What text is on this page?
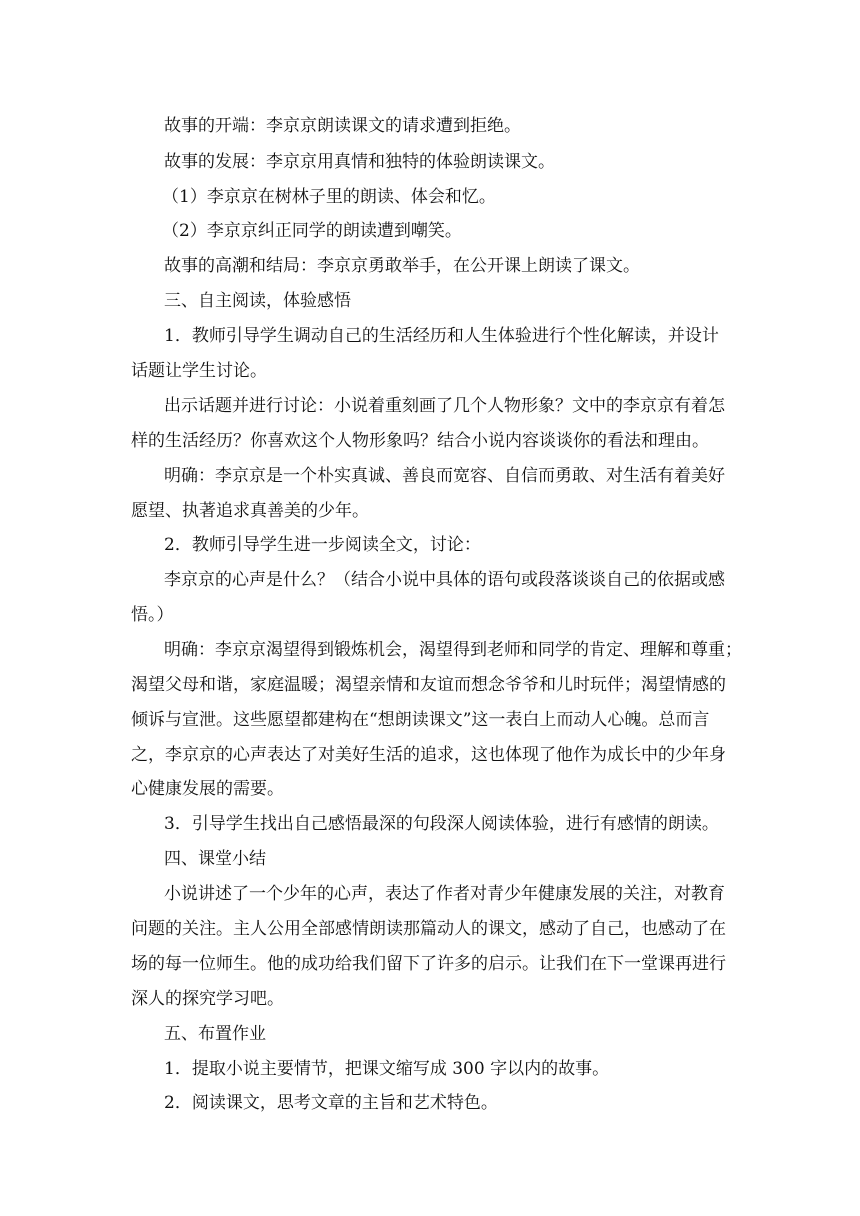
故事的开端：李京京朗读课文的请求遭到拒绝。
故事的发展：李京京用真情和独特的体验朗读课文。
（1）李京京在树林子里的朗读、体会和忆。
（2）李京京纠正同学的朗读遭到嘲笑。
故事的高潮和结局：李京京勇敢举手，在公开课上朗读了课文。
三、自主阅读，体验感悟
1．教师引导学生调动自己的生活经历和人生体验进行个性化解读，并设计
话题让学生讨论。
出示话题并进行讨论：小说着重刻画了几个人物形象？文中的李京京有着怎
样的生活经历？你喜欢这个人物形象吗？结合小说内容谈谈你的看法和理由。
明确：李京京是一个朴实真诚、善良而宽容、自信而勇敢、对生活有着美好
愿望、执著追求真善美的少年。
2．教师引导学生进一步阅读全文，讨论：
李京京的心声是什么？（结合小说中具体的语句或段落谈谈自己的依据或感
悟。）
明确：李京京渴望得到锻炼机会，渴望得到老师和同学的肯定、理解和尊重；
渴望父母和谐，家庭温暖；渴望亲情和友谊而想念爷爷和儿时玩伴；渴望情感的
倾诉与宣泄。这些愿望都建构在“想朗读课文”这一表白上而动人心魄。总而言
之，李京京的心声表达了对美好生活的追求，这也体现了他作为成长中的少年身
心健康发展的需要。
3．引导学生找出自己感悟最深的句段深人阅读体验，进行有感情的朗读。
四、课堂小结
小说讲述了一个少年的心声，表达了作者对青少年健康发展的关注，对教育
问题的关注。主人公用全部感情朗读那篇动人的课文，感动了自己，也感动了在
场的每一位师生。他的成功给我们留下了许多的启示。让我们在下一堂课再进行
深人的探究学习吧。
五、布置作业
1．提取小说主要情节，把课文缩写成 300 字以内的故事。
2．阅读课文，思考文章的主旨和艺术特色。
